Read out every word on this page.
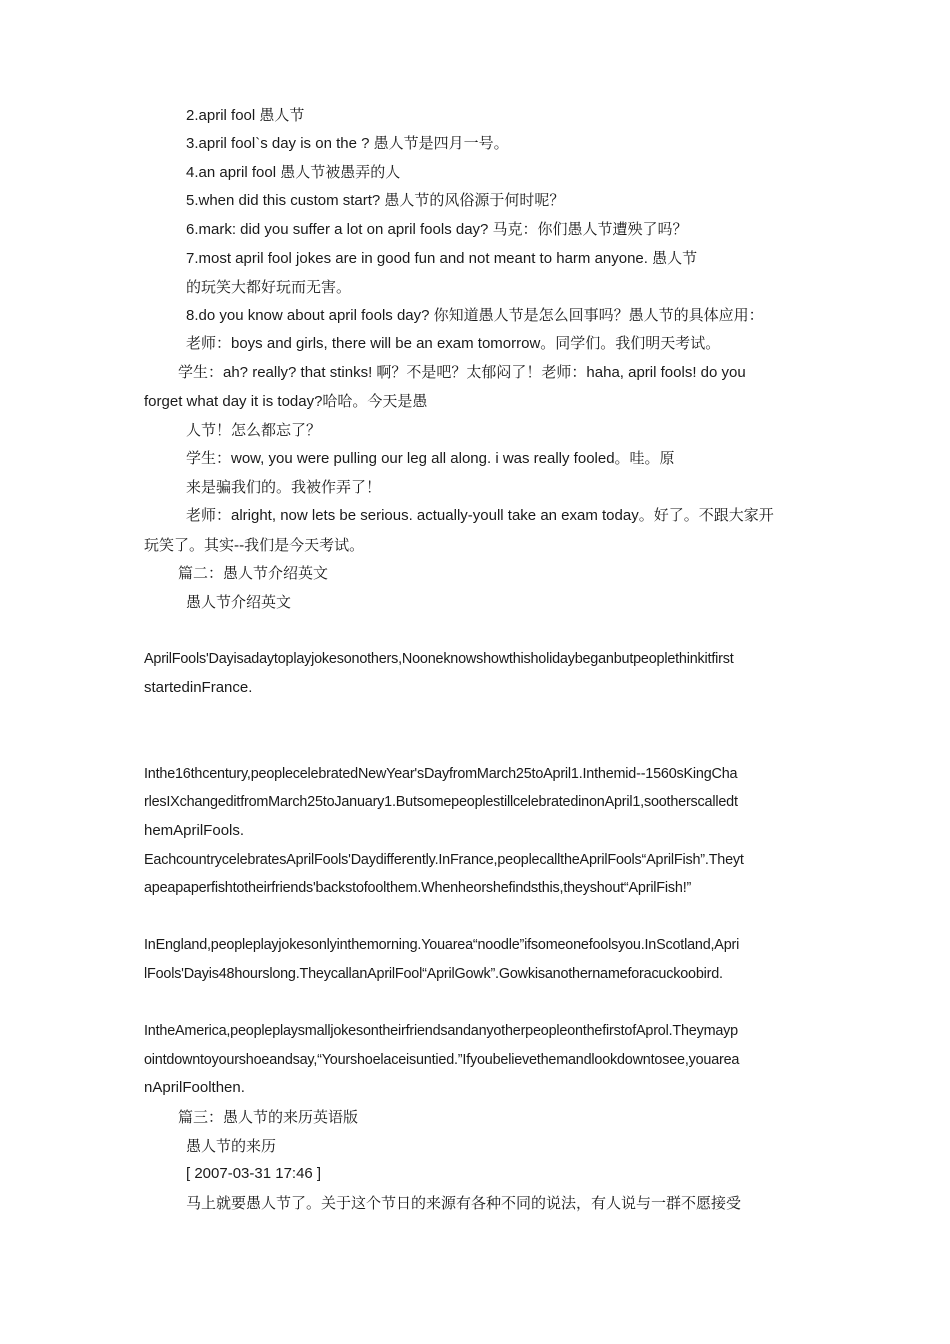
2.april fool 愚人节
3.april fool`s day is on the ? 愚人节是四月一号。
4.an april fool 愚人节被愚弄的人
5.when did this custom start? 愚人节的风俗源于何时呢？
6.mark: did you suffer a lot on april fools day? 马克：你们愚人节遭殃了吗？
7.most april fool jokes are in good fun and not meant to harm anyone. 愚人节
的玩笑大都好玩而无害。
8.do you know about april fools day? 你知道愚人节是怎么回事吗？愚人节的具体应用：
老师：boys and girls, there will be an exam tomorrow。同学们。我们明天考试。
学生：ah? really? that stinks! 啊？不是吧？太郁闷了！老师：haha, april fools! do you
forget what day it is today?哈哈。今天是愚
人节！怎么都忘了？
学生：wow, you were pulling our leg all along. i was really fooled。哇。原
来是骗我们的。我被作弄了！
老师：alright, now lets be serious. actually-youll take an exam today。好了。不跟大家开
玩笑了。其实--我们是今天考试。
篇二：愚人节介绍英文
愚人节介绍英文
AprilFools'Dayisadaytoplayjokesonothers,Nooneknowshowthisholidaybeganbutpeoplethinkitfirst
startedinFrance.
Inthe16thcentury,peoplecelebratedNewYear'sDayfromMarch25toApril1.Inthemid--1560sKingCha
rlesIXchangeditfromMarch25toJanuary1.ButsomepeoplestillcelebratedinonApril1,sootherscalledt
hemAprilFools.
EachcountrycelebratesAprilFools'Daydifferently.InFrance,peoplecalltheAprilFools“AprilFish”.Theyt
apeapaperfishtotheirfriends'backstofoolthem.Whenheorshefindsthis,theyshout“AprilFish!”
InEngland,peopleplayjokesonlyinthemorning.Youarea“noodle”ifsomeonefoolsyou.InScotland,Apri
lFools'Dayis48hourslong.TheycallanAprilFool“AprilGowk”.Gowkisanothernameforacuckoobird.
IntheAmerica,peopleplaysmalljokesontheirfriendsandanyotherpeopleonthefirstofAprol.Theymayp
ointdowntoyourshoeandsay,“Yourshoelaceisuntied.”Ifyoubelievethemandlookdowntosee,youarea
nAprilFoolthen.
篇三：愚人节的来历英语版
愚人节的来历
[ 2007-03-31 17:46 ]
马上就要愚人节了。关于这个节日的来源有各种不同的说法，有人说与一群不愿接受
